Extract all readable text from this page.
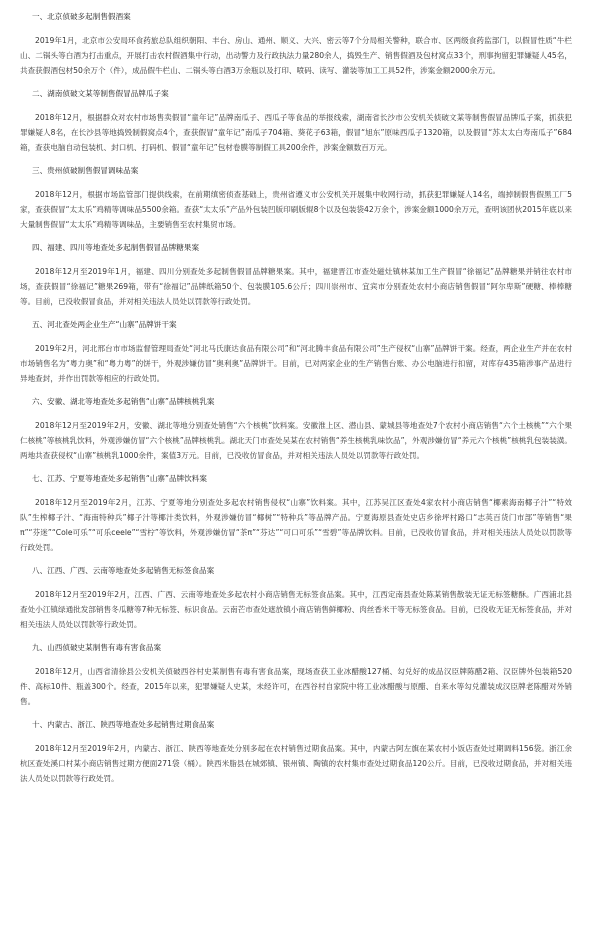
一、北京侦破多起制售假酒案
2019年1月，北京市公安局环食药旅总队组织朝阳、丰台、房山、通州、顺义、大兴、密云等7个分局相关警种，联合市、区两级食药监部门，以假冒性质“牛栏山、二锅头等白酒为打击重点，开展打击农村假酒集中行动，出动警力及行政执法力量280余人，捣毁生产、销售假酒及包材窝点33个，刑事拘留犯罪嫌疑人45名，共查获假酒包材50余万个（件），成品假牛栏山、二锅头等白酒3万余瓶以及打印、喷码、读写、灌装等加工工具52件，涉案金额2000余万元。
二、湖南侦破文某等制售假冒品牌瓜子案
2018年12月，根据群众对农村市场售卖假冒“童年记”品牌南瓜子、西瓜子等食品的举报线索，湖南省长沙市公安机关侦破文某等制售假冒品牌瓜子案，抓获犯罪嫌疑人8名，在长沙县等地捣毁制假窝点4个，查获假冒“童年记”南瓜子704箱、葵花子63箱，假冒“旭东”原味西瓜子1320箱，以及假冒“苏太太白寿南瓜子”684箱，查获电脑自动包装机、封口机、打码机、假冒“童年记”包材卷膜等制假工具200余件，涉案金额数百万元。
三、贵州侦破制售假冒调味品案
2018年12月，根据市场监管部门提供线索，在前期缜密侦查基础上，贵州省遵义市公安机关开展集中收网行动，抓获犯罪嫌疑人14名，端掉制假售假黑工厂5家，查获假冒“太太乐”鸡精等调味品5500余箱。查获“太太乐”产品外包装凹版印刷版辊8个以及包装袋42万余个，涉案金额1000余万元，查明该团伙2015年底以来大量制售假冒“太太乐”鸡精等调味品，主要销售至农村集贸市场。
四、福建、四川等地查处多起制售假冒品牌糖果案
2018年12月至2019年1月，福建、四川分别查处多起制售假冒品牌糖果案。其中，福建晋江市查处磁灶镇林某加工生产假冒“徐福记”品牌糖果并销往农村市场，查获假冒“徐福记”糖果269箱，带有“徐福记”品牌纸箱50个、包装膜105.6公斤；四川崇州市、宜宾市分别查处农村小商店销售假冒“阿尔卑斯”硬糖、棒棒糖等。目前，已没收假冒食品，并对相关违法人员处以罚款等行政处罚。
五、河北查处两企业生产“山寨”品牌饼干案
2019年2月，河北邢台市市场监督管理局查处“河北马氏康达食品有限公司”和“河北腾丰食品有限公司”生产侵权“山寨”品牌饼干案。经查，两企业生产并在农村市场销售名为“粤力奥”和“粤力粤”的饼干，外观涉嫌仿冒“奥利奥”品牌饼干。目前，已对两家企业的生产销售台账、办公电脑进行扣留，对库存435箱涉事产品进行异地查封，并作出罚款等相应的行政处罚。
六、安徽、湖北等地查处多起销售“山寨”品牌核桃乳案
2018年12月至2019年2月，安徽、湖北等地分别查处销售“六个核桃”饮料案。安徽淮上区、潜山县、蒙城县等地查处7个农村小商店销售“六个土核桃”“六个果仁核桃”等核桃乳饮料，外观涉嫌仿冒“六个核桃”品牌核桃乳。湖北天门市查处吴某在农村销售“养生核桃乳味饮品”，外观涉嫌仿冒“养元六个核桃”核桃乳包装装潢。两地共查获侵权“山寨”核桃乳1000余件，案值3万元。目前，已没收仿冒食品，并对相关违法人员处以罚款等行政处罚。
七、江苏、宁夏等地查处多起销售“山寨”品牌饮料案
2018年12月至2019年2月，江苏、宁夏等地分别查处多起农村销售侵权“山寨”饮料案。其中，江苏吴江区查处4家农村小商店销售“椰素海南椰子汁”“特效队”生榨椰子汁、“海南特种兵”椰子汁等椰汁类饮料，外观涉嫌仿冒“椰树”“特种兵”等品牌产品。宁夏海原县查处史店乡徐坪村路口“志英百货门市部”等销售“果π”“芬迷”“Cole可乐”“可乐ceele”“雪柠”等饮料，外观涉嫌仿冒“茶π”“芬达”“可口可乐”“雪碧”等品牌饮料。目前，已没收仿冒食品，并对相关违法人员处以罚款等行政处罚。
八、江西、广西、云南等地查处多起销售无标签食品案
2018年12月至2019年2月，江西、广西、云南等地查处多起农村小商店销售无标签食品案。其中，江西定南县查处陈某销售散装无证无标签糖酥。广西浦北县查处小江镇绿通批发部销售冬瓜糖等7种无标签、标识食品。云南芒市查处遮放镇小商店销售鲜椰粉、肉丝香米干等无标签食品。目前，已没收无证无标签食品，并对相关违法人员处以罚款等行政处罚。
九、山西侦破史某制售有毒有害食品案
2018年12月，山西省清徐县公安机关侦破西谷村史某制售有毒有害食品案，现场查获工业冰醋酸127桶、勾兑好的成品汉臣牌陈醋2箱、汉臣牌外包装箱520件、高标10件、瓶盖300个。经查，2015年以来，犯罪嫌疑人史某，未经许可，在西谷村自家院中将工业冰醋酸与原醋、自来水等勾兑灌装成汉臣牌老陈醋对外销售。
十、内蒙古、浙江、陕西等地查处多起销售过期食品案
2018年12月至2019年2月，内蒙古、浙江、陕西等地查处分别多起在农村销售过期食品案。其中，内蒙古阿左旗在某农村小饭店查处过期调料156袋。浙江余杭区查处溪口村某小商店销售过期方便面271袋（桶）。陕西米脂县在城郊镇、银州镇、陶镇的农村集市查处过期食品120公斤。目前，已没收过期食品，并对相关违法人员处以罚款等行政处罚。
